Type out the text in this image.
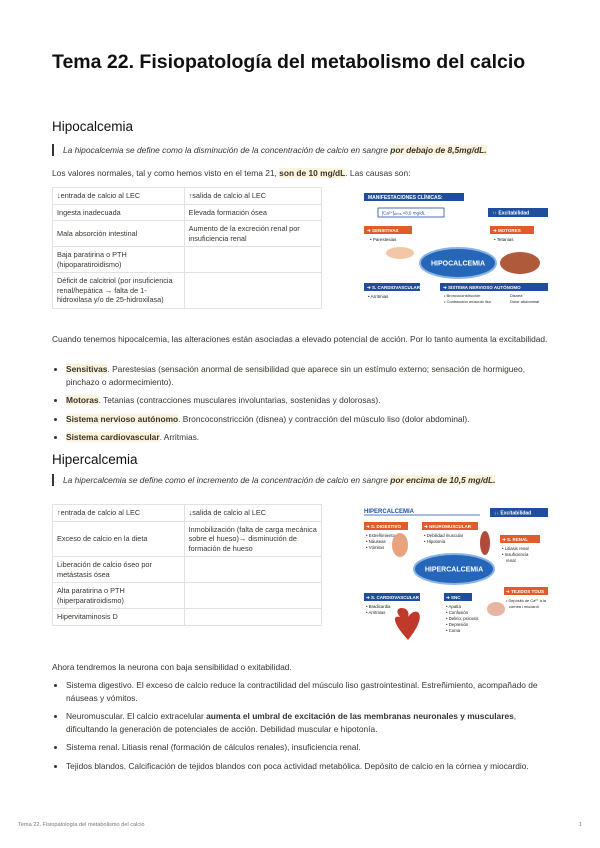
Tema 22. Fisiopatología del metabolismo del calcio
Hipocalcemia
La hipocalcemia se define como la disminución de la concentración de calcio en sangre por debajo de 8,5mg/dL.
Los valores normales, tal y como hemos visto en el tema 21, son de 10 mg/dL. Las causas son:
↓entrada de calcio al LEC	↑salida de calcio al LEC
Ingesta inadecuada	Elevada formación ósea
Mala absorción intestinal	Aumento de la excreción renal por insuficiencia renal
Baja paratirina o PTH (hipoparatiroidismo)	
Déficit de calcitriol (por insuficiencia renal/hepática → falta de 1-hidroxilasa y/o de 25-hidroxilasa)	
MANIFESTACIONES CLÍNICAS:
[Ca²⁺]ₑₓₜᵣₐ <8,5 mg/dL	↑↑ Excitabilidad
➔ SENSITIVAS
• Parestesias
➔ MOTORES
• Tetanias
HIPOCALCEMIA
➔ S. CARDIOVASCULAR
• Arritmias
➔ SISTEMA NERVIOSO AUTÓNOMO
• Broncoconstricción	Disnea
• Contracción músculo liso	Dolor abdominal
Cuando tenemos hipocalcemia, las alteraciones están asociadas a elevado potencial de acción. Por lo tanto aumenta la excitabilidad.
• Sensitivas. Parestesias (sensación anormal de sensibilidad que aparece sin un estímulo externo; sensación de hormigueo, pinchazo o adormecimiento).
• Motoras. Tetanias (contracciones musculares involuntarias, sostenidas y dolorosas).
• Sistema nervioso autónomo. Broncoconstricción (disnea) y contracción del músculo liso (dolor abdominal).
• Sistema cardiovascular. Arritmias.
Hipercalcemia
La hipercalcemia se define como el incremento de la concentración de calcio en sangre por encima de 10,5 mg/dL.
↑entrada de calcio al LEC	↓salida de calcio al LEC
Exceso de calcio en la dieta	Inmobilización (falta de carga mecánica sobre el hueso)→ disminución de formación de hueso
Liberación de calcio óseo por metástasis ósea	
Alta paratirina o PTH (hiperparatiroidismo)	
Hipervitaminosis D	
HIPERCALCEMIA	↓↓ Excitabilidad
➔ S. DIGESTIVO
• Estreñimiento
• Náuseas
• Vómitos
➔ NEUROMUSCULAR
• Debilidad muscular
• Hipotonía	➔ S. RENAL
• Litiasis renal
• Insuficiencia
renal
HIPERCALCEMIA
➔ S. CARDIOVASCULAR
• Bradicardia
• Arritmias
➔ SNC
• Apatía
• Confusión
• Delirio, psicosis
• Depresión
• Coma
➔ TEJIDOS TOUS
• Depósito de Ca²⁺ a la
córnea i miocardi
Ahora tendremos la neurona con baja sensibilidad o exitabilidad.
• Sistema digestivo. El exceso de calcio reduce la contractilidad del músculo liso gastrointestinal. Estreñimiento, acompañado de náuseas y vómitos.
• Neuromuscular. El calcio extracelular aumenta el umbral de excitación de las membranas neuronales y musculares, dificultando la generación de potenciales de acción. Debilidad muscular e hipotonía.
• Sistema renal. Litiasis renal (formación de cálculos renales), insuficiencia renal.
• Tejidos blandos. Calcificación de tejidos blandos con poca actividad metabólica. Depósito de calcio en la córnea y miocardio.
Tema 22. Fisiopatología del metabolismo del calcio	1
